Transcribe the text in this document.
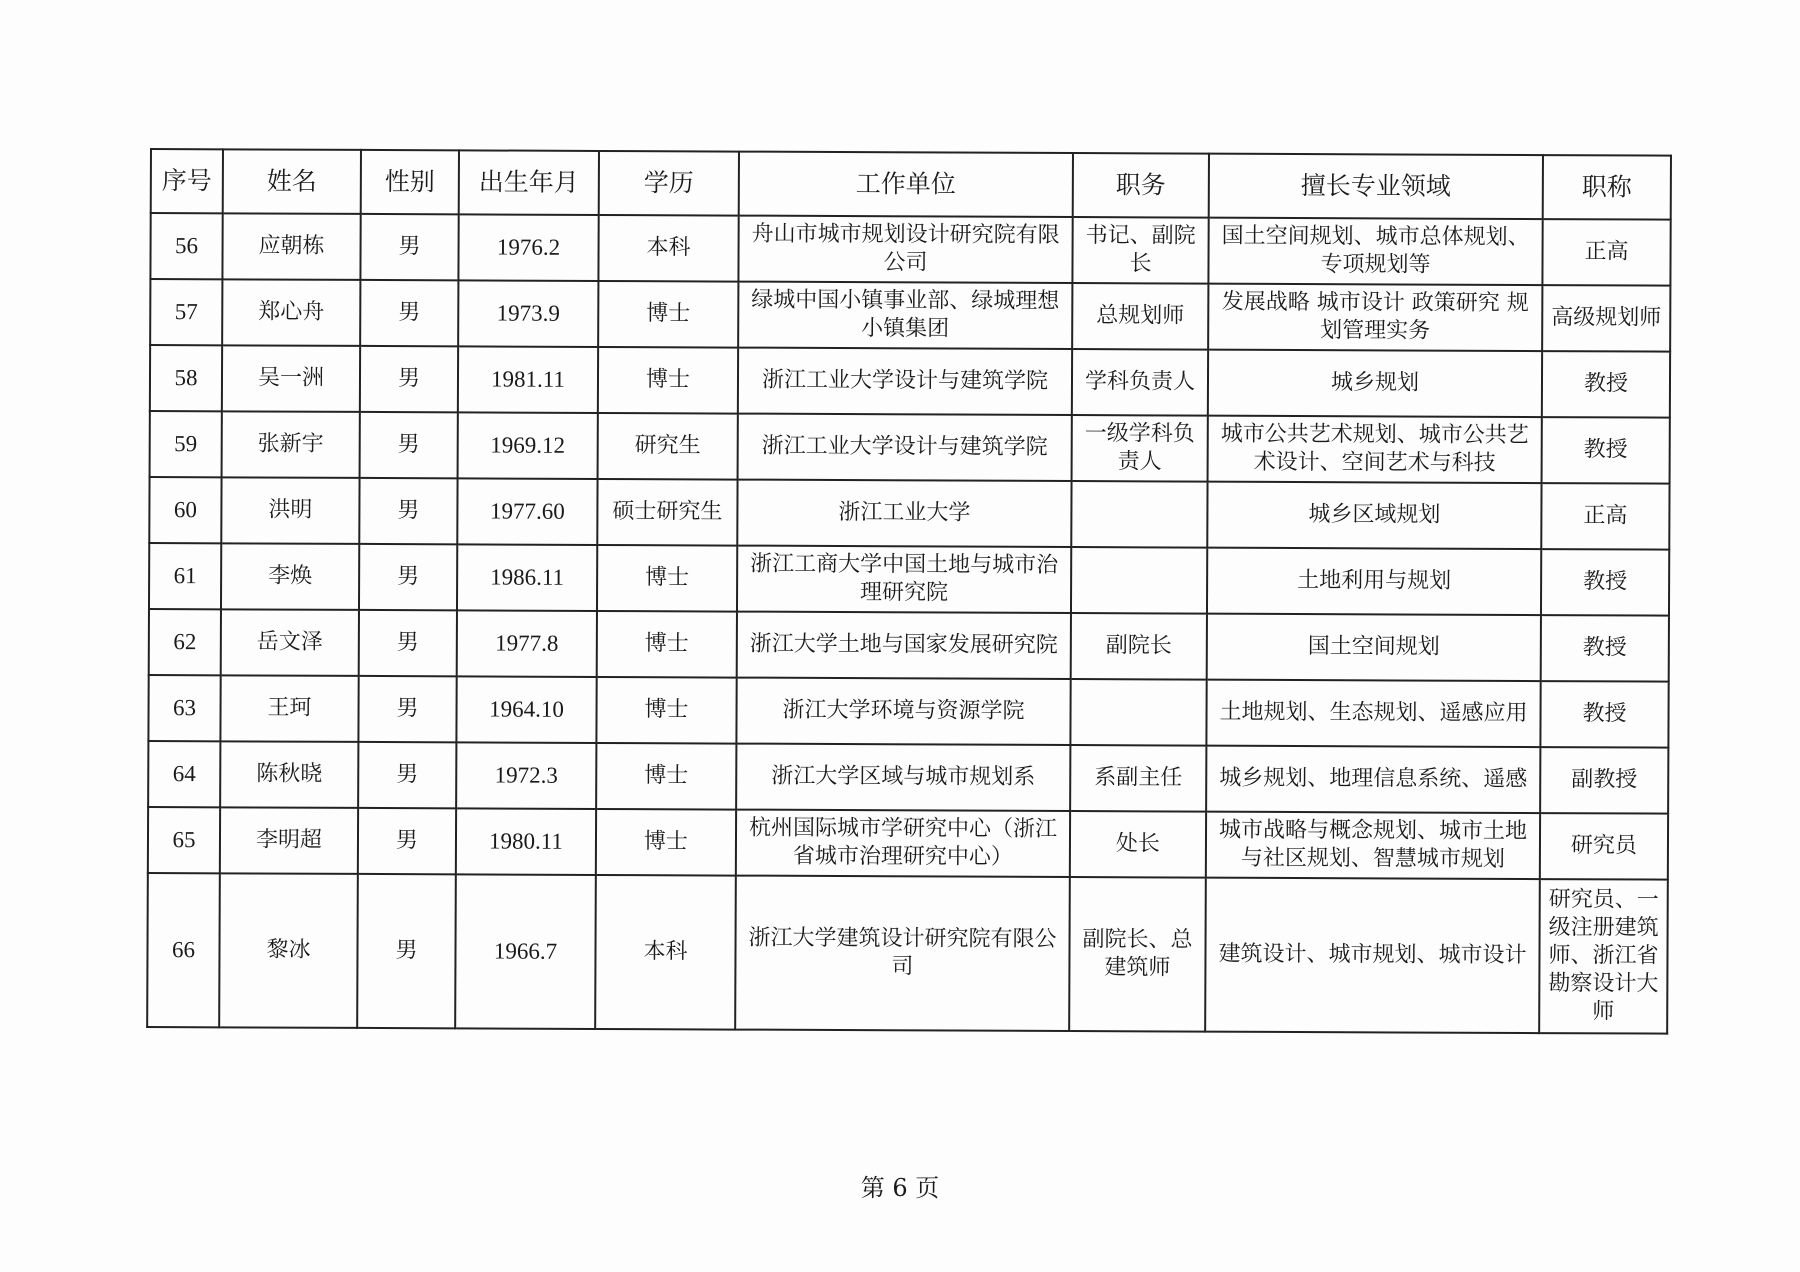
序号	姓名	性别	出生年月	学历	工作单位	职务	擅长专业领域	职称
56	应朝栋	男	1976.2	本科	舟山市城市规划设计研究院有限公司	书记、副院长	国土空间规划、城市总体规划、专项规划等	正高
57	郑心舟	男	1973.9	博士	绿城中国小镇事业部、绿城理想小镇集团	总规划师	发展战略 城市设计 政策研究 规划管理实务	高级规划师
58	吴一洲	男	1981.11	博士	浙江工业大学设计与建筑学院	学科负责人	城乡规划	教授
59	张新宇	男	1969.12	研究生	浙江工业大学设计与建筑学院	一级学科负责人	城市公共艺术规划、城市公共艺术设计、空间艺术与科技	教授
60	洪明	男	1977.60	硕士研究生	浙江工业大学		城乡区域规划	正高
61	李焕	男	1986.11	博士	浙江工商大学中国土地与城市治理研究院		土地利用与规划	教授
62	岳文泽	男	1977.8	博士	浙江大学土地与国家发展研究院	副院长	国土空间规划	教授
63	王珂	男	1964.10	博士	浙江大学环境与资源学院		土地规划、生态规划、遥感应用	教授
64	陈秋晓	男	1972.3	博士	浙江大学区域与城市规划系	系副主任	城乡规划、地理信息系统、遥感	副教授
65	李明超	男	1980.11	博士	杭州国际城市学研究中心（浙江省城市治理研究中心）	处长	城市战略与概念规划、城市土地与社区规划、智慧城市规划	研究员
66	黎冰	男	1966.7	本科	浙江大学建筑设计研究院有限公司	副院长、总建筑师	建筑设计、城市规划、城市设计	研究员、一级注册建筑师、浙江省勘察设计大师
第 6 页
